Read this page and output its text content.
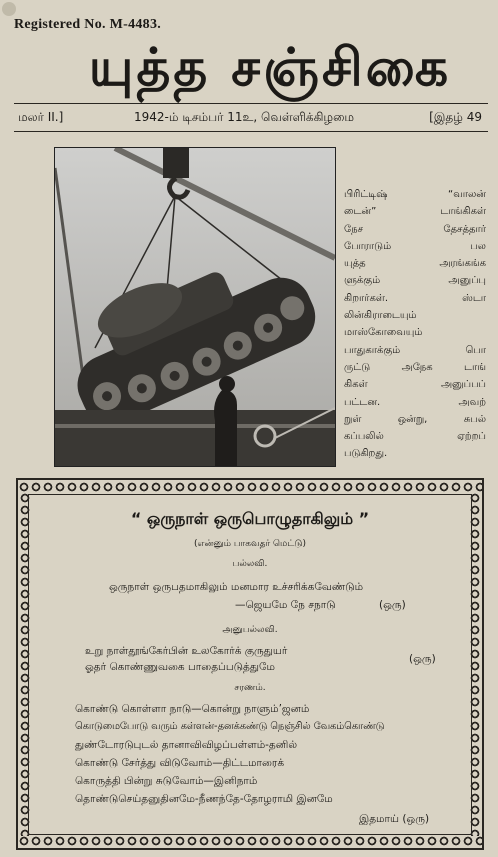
Registered No. M-4483.
யுத்த சஞ்சிகை
மலர் II.]	1942-ம் டிசம்பர் 11உ, வெள்ளிக்கிழமை	[இதழ் 49
பிரிட்டிஷ் “வாலன்
டைன்” டாங்கிகள்
நேச தேசத்தார்
போராடும் பல
யுத்த அரங்கங்க
ளுக்கும் அனுப்பு
கிறார்கள். ஸ்டா
லின்கிராடையும்
மாஸ்கோவையும்
பாதுகாக்கும் பொ
ருட்டு அநேக டாங்
கிகள் அனுப்பப்
பட்டன. அவற்
றுள் ஒன்று, சுபல்
கப்பலில் ஏற்றப்
படுகிறது.
“ ஒருநாள் ஒருபொழுதாகிலும் ”
(என்னும் பாகவதர் மெட்டு)
பல்லவி.
ஒருநாள் ஒருபதமாகிலும் மனமார உச்சரிக்கவேண்டும்
—ஜெயமே நே சநாடு	(ஒரு)
அனுபல்லவி.
உறு நாள்தூங்கேர்பின் உலகோர்க் குருதுயர்
ஓதர் கொண்ணுவகை பாதைப்படுத்துமே
(ஒரு)
சரணம்.
கொண்டு கொள்ளா நாடு—கொன்று நாளும்’ஜனம்
கொடுமைபோடு வரும் கள்ளன்-தனக்கண்டு நெஞ்சில் வேகம்கொண்டு
துண்டோரடுபுடல் தானாவிவிழப்பள்ளம்-தனில்
கொண்டு சேர்த்து விடுவோம்—திட்டமாரைக்
கொருத்தி பின்று சுடுவோம்—இனிநாம்
தொண்டுசெய்தனுதினமே-நீணந்தே-தோழராமி இனமே
இதமாய் (ஒரு)
